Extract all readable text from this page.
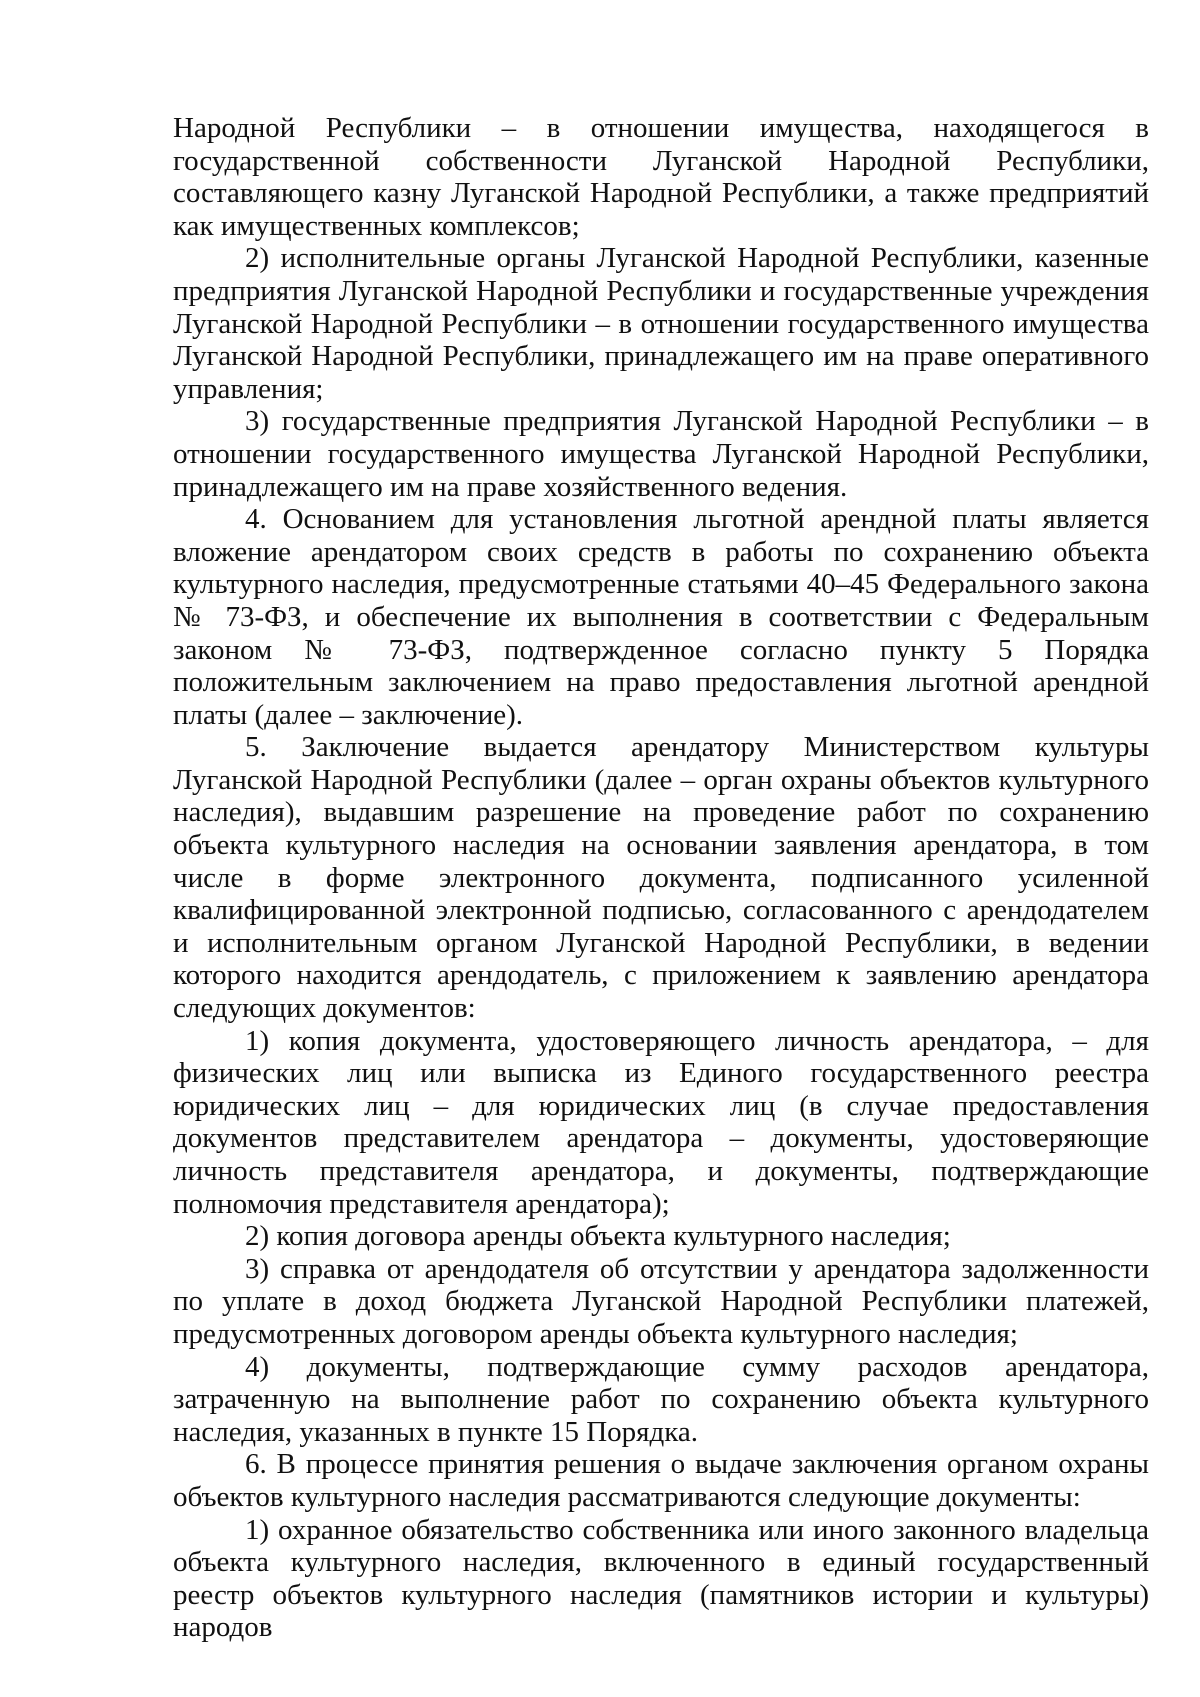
Народной Республики – в отношении имущества, находящегося в государственной собственности Луганской Народной Республики, составляющего казну Луганской Народной Республики, а также предприятий как имущественных комплексов;

2) исполнительные органы Луганской Народной Республики, казенные предприятия Луганской Народной Республики и государственные учреждения Луганской Народной Республики – в отношении государственного имущества Луганской Народной Республики, принадлежащего им на праве оперативного управления;

3) государственные предприятия Луганской Народной Республики – в отношении государственного имущества Луганской Народной Республики, принадлежащего им на праве хозяйственного ведения.

4. Основанием для установления льготной арендной платы является вложение арендатором своих средств в работы по сохранению объекта культурного наследия, предусмотренные статьями 40–45 Федерального закона № 73-ФЗ, и обеспечение их выполнения в соответствии с Федеральным законом № 73-ФЗ, подтвержденное согласно пункту 5 Порядка положительным заключением на право предоставления льготной арендной платы (далее – заключение).

5. Заключение выдается арендатору Министерством культуры Луганской Народной Республики (далее – орган охраны объектов культурного наследия), выдавшим разрешение на проведение работ по сохранению объекта культурного наследия на основании заявления арендатора, в том числе в форме электронного документа, подписанного усиленной квалифицированной электронной подписью, согласованного с арендодателем и исполнительным органом Луганской Народной Республики, в ведении которого находится арендодатель, с приложением к заявлению арендатора следующих документов:

1) копия документа, удостоверяющего личность арендатора, – для физических лиц или выписка из Единого государственного реестра юридических лиц – для юридических лиц (в случае предоставления документов представителем арендатора – документы, удостоверяющие личность представителя арендатора, и документы, подтверждающие полномочия представителя арендатора);

2) копия договора аренды объекта культурного наследия;

3) справка от арендодателя об отсутствии у арендатора задолженности по уплате в доход бюджета Луганской Народной Республики платежей, предусмотренных договором аренды объекта культурного наследия;

4) документы, подтверждающие сумму расходов арендатора, затраченную на выполнение работ по сохранению объекта культурного наследия, указанных в пункте 15 Порядка.

6. В процессе принятия решения о выдаче заключения органом охраны объектов культурного наследия рассматриваются следующие документы:

1) охранное обязательство собственника или иного законного владельца объекта культурного наследия, включенного в единый государственный реестр объектов культурного наследия (памятников истории и культуры) народов
